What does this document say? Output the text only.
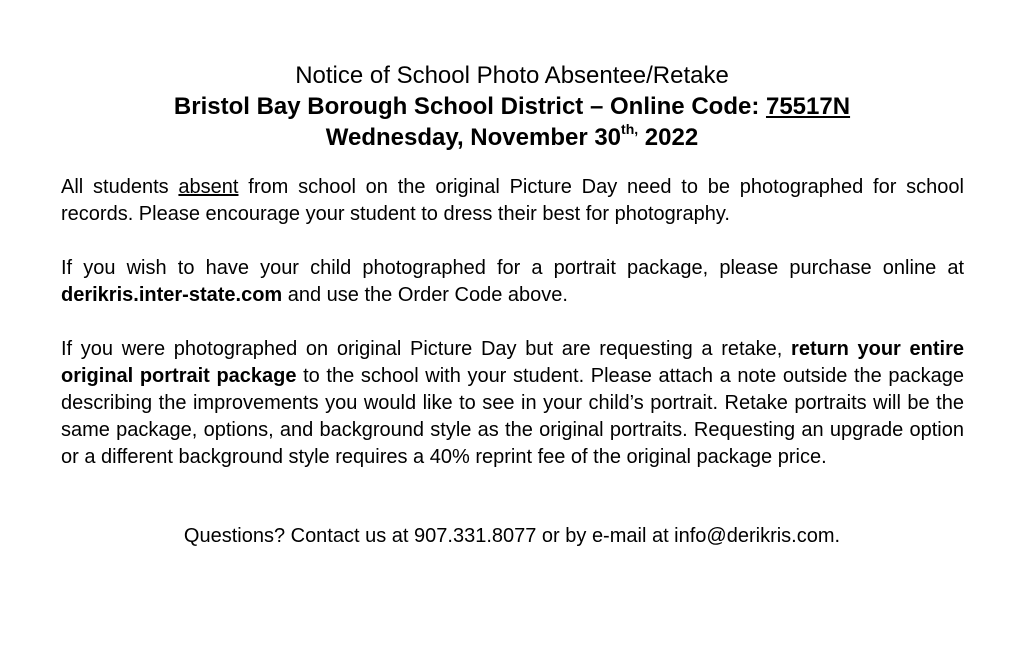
Notice of School Photo Absentee/Retake
Bristol Bay Borough School District – Online Code: 75517N
Wednesday, November $30^{th,}$ 2022
All students absent from school on the original Picture Day need to be photographed for school records. Please encourage your student to dress their best for photography.
If you wish to have your child photographed for a portrait package, please purchase online at derikris.inter-state.com and use the Order Code above.
If you were photographed on original Picture Day but are requesting a retake, return your entire original portrait package to the school with your student. Please attach a note outside the package describing the improvements you would like to see in your child’s portrait. Retake portraits will be the same package, options, and background style as the original portraits. Requesting an upgrade option or a different background style requires a 40% reprint fee of the original package price.
Questions? Contact us at 907.331.8077 or by e-mail at info@derikris.com.
